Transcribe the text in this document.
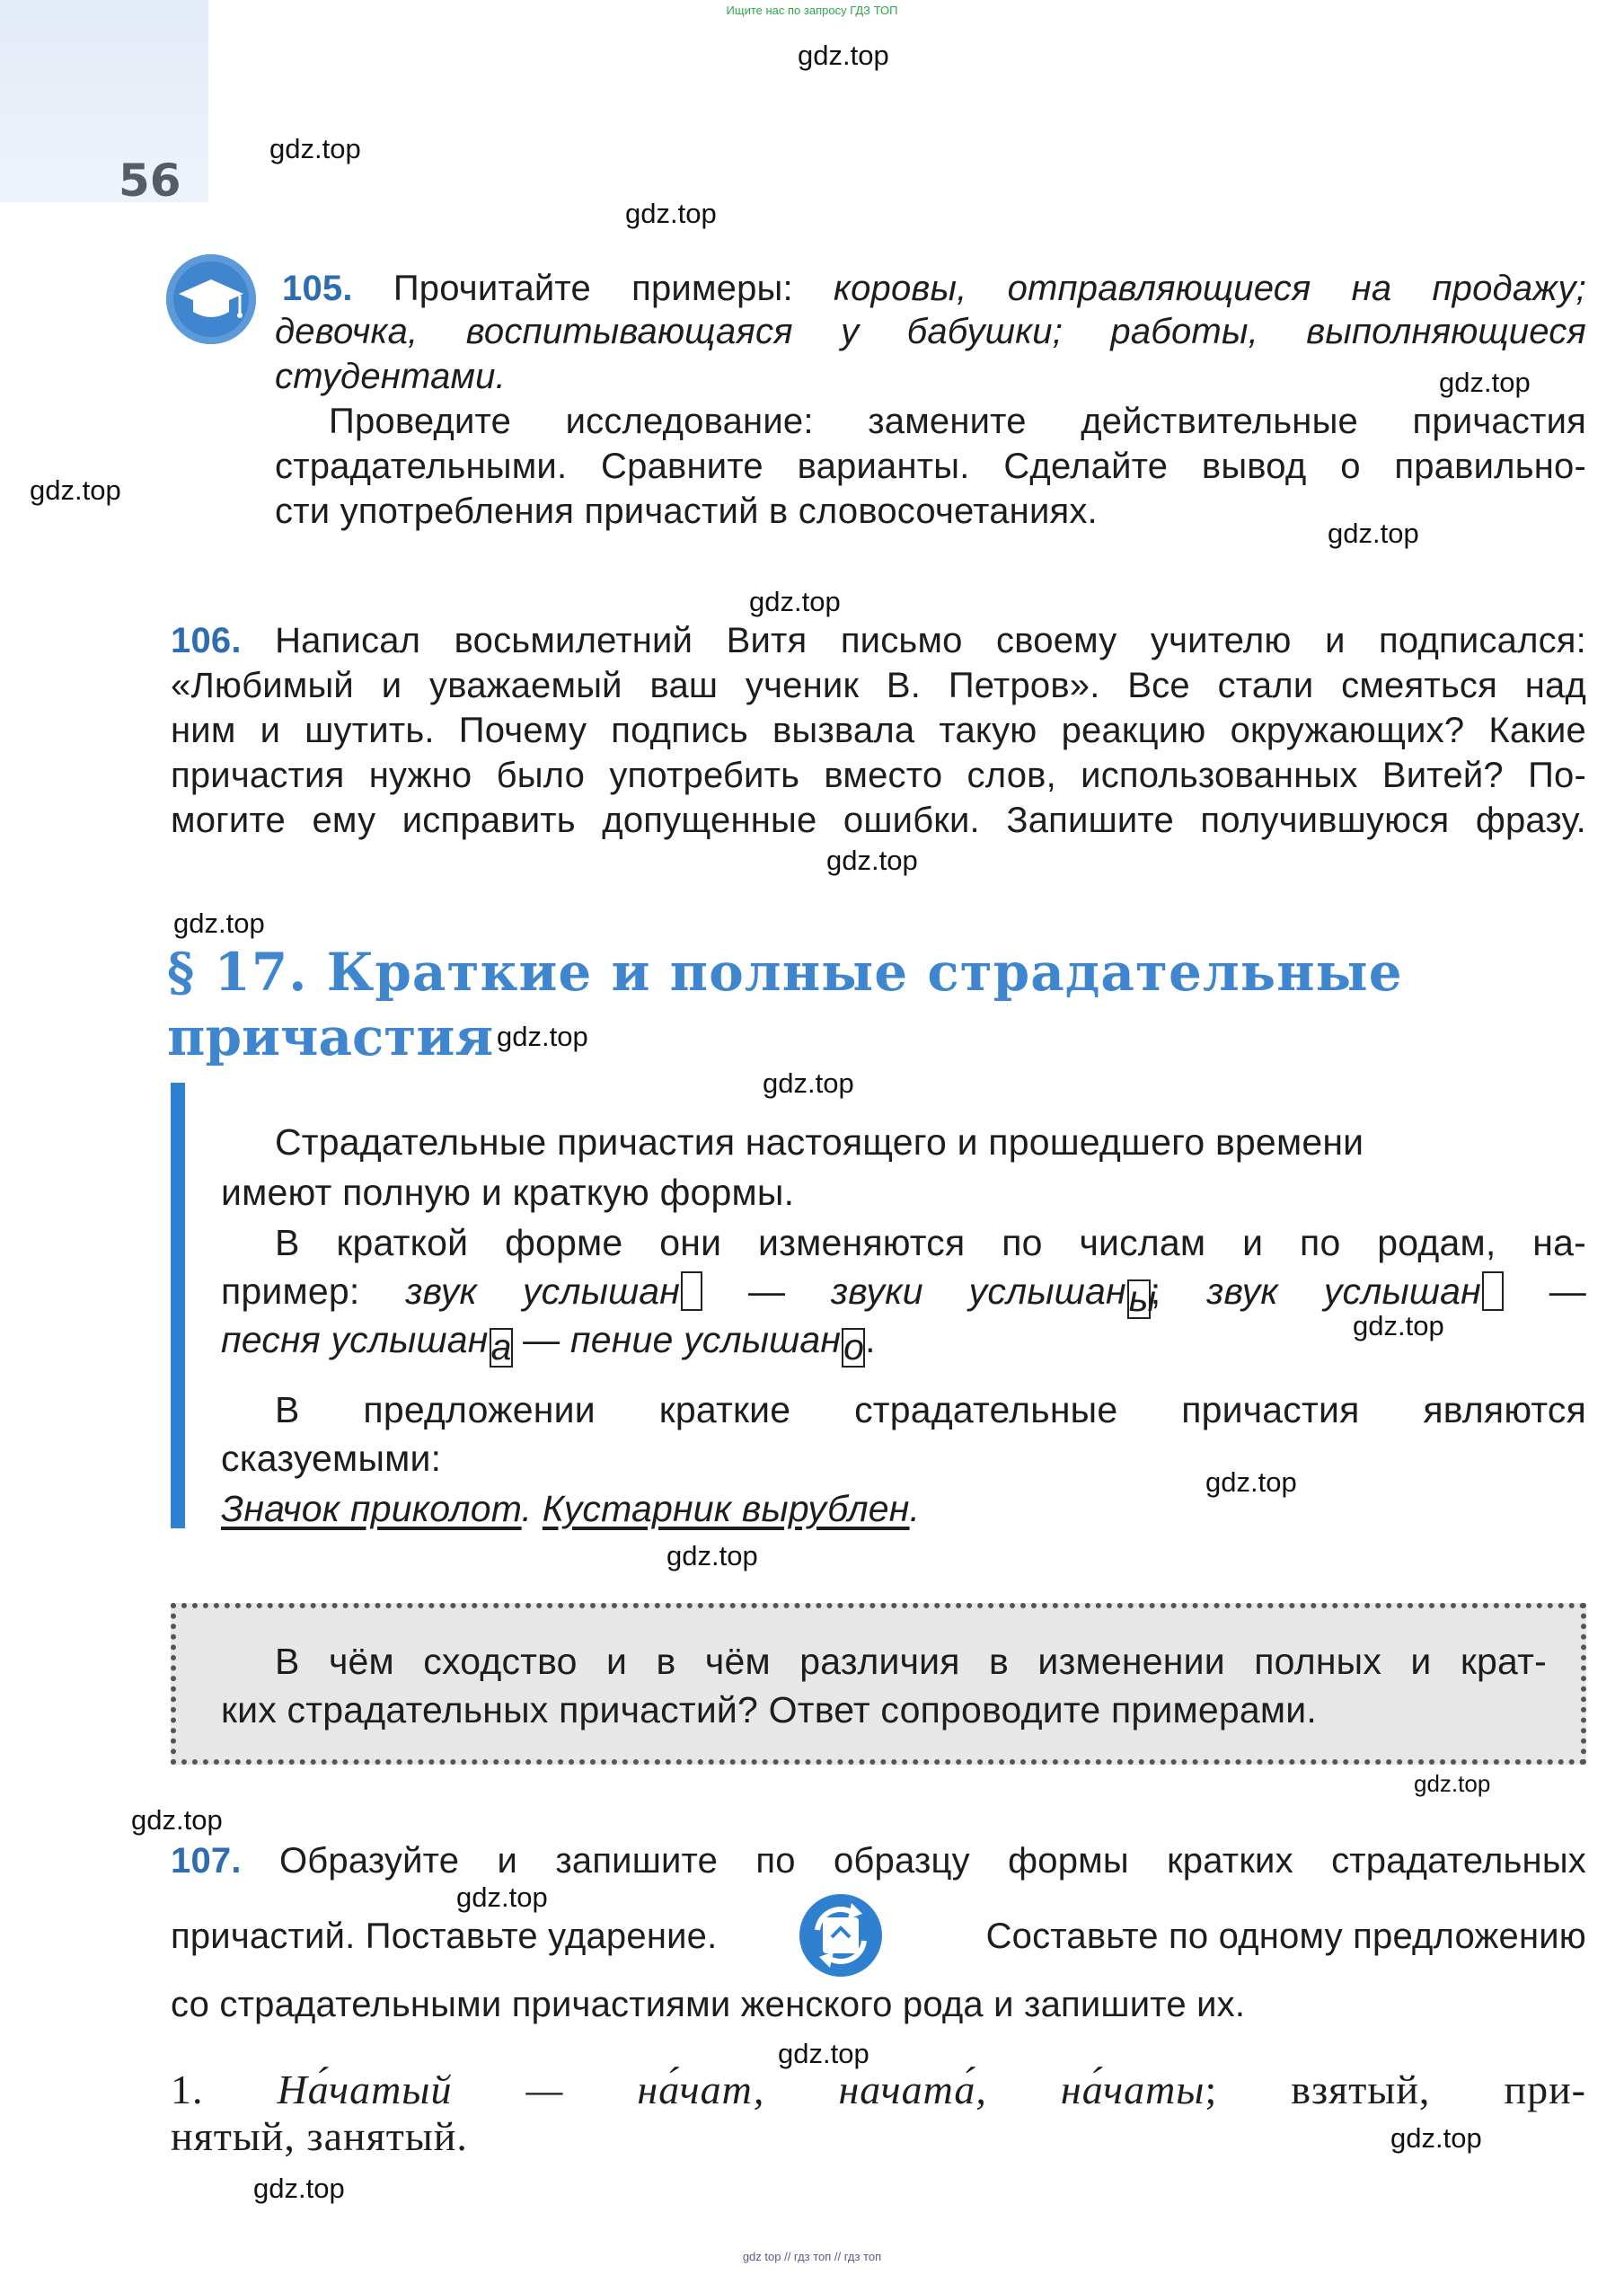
Ищите нас по запросу ГДЗ ТОП
56
gdz.top
gdz.top
gdz.top
gdz.top
gdz.top
gdz.top
gdz.top
gdz.top
gdz.top
gdz.top
gdz.top
gdz.top
gdz.top
gdz.top
gdz.top
gdz.top
gdz.top
gdz.top
gdz.top
gdz.top
105. Прочитайте примеры: коровы, отправляющиеся на продажу;
девочка, воспитывающаяся у бабушки; работы, выполняющиеся
студентами.
Проведите исследование: замените действительные причастия
страдательными. Сравните варианты. Сделайте вывод о правильно-
сти употребления причастий в словосочетаниях.
106. Написал восьмилетний Витя письмо своему учителю и подписался:
«Любимый и уважаемый ваш ученик В. Петров». Все стали смеяться над
ним и шутить. Почему подпись вызвала такую реакцию окружающих? Какие
причастия нужно было употребить вместо слов, использованных Витей? По-
могите ему исправить допущенные ошибки. Запишите получившуюся фразу.
§ 17. Краткие и полные страдательные
причастия
Страдательные причастия настоящего и прошедшего времени
имеют полную и краткую формы.
В краткой форме они изменяются по числам и по родам, на-
пример: звук услышан — звуки услышаны; звук услышан —
песня услышана — пение услышано.
В предложении краткие страдательные причастия являются
сказуемыми:
Значок приколот. Кустарник вырублен.
В чём сходство и в чём различия в изменении полных и крат-
ких страдательных причастий? Ответ сопроводите примерами.
107. Образуйте и запишите по образцу формы кратких страдательных
причастий. Поставьте ударение.	Составьте по одному предложению
со страдательными причастиями женского рода и запишите их.
1. На́чатый — на́чат, начата́, на́чаты; взятый, при-
нятый, занятый.
gdz top // гдз топ // гдз топ
